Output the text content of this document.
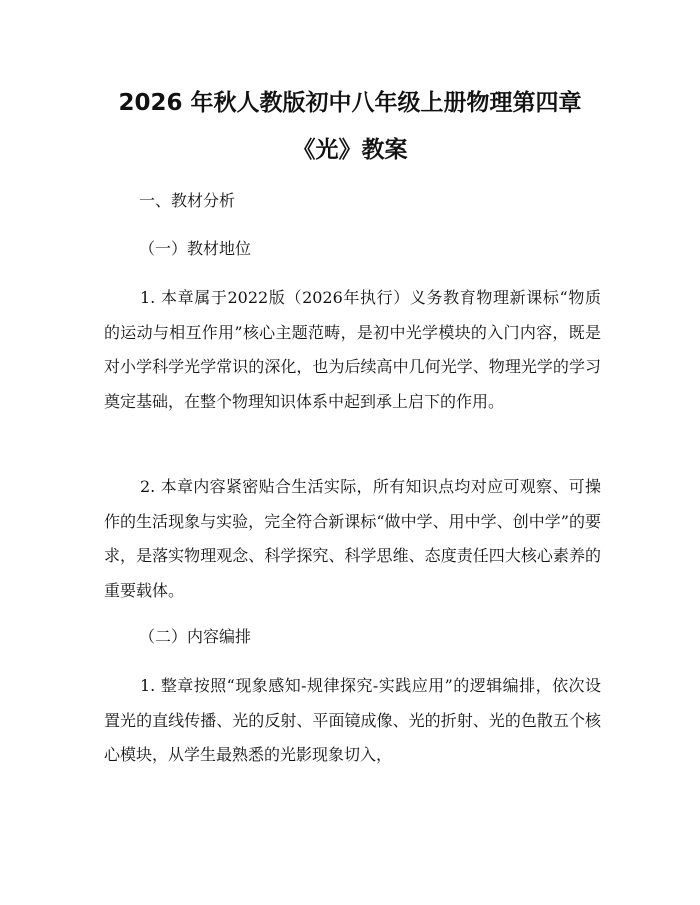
2026 年秋人教版初中八年级上册物理第四章
《光》教案
一、教材分析
（一）教材地位

1. 本章属于2022版（2026年执行）义务教育物理新课标“物质的运动与相互作用”核心主题范畴，是初中光学模块的入门内容，既是对小学科学光学常识的深化，也为后续高中几何光学、物理光学的学习奠定基础，在整个物理知识体系中起到承上启下的作用。

2. 本章内容紧密贴合生活实际，所有知识点均对应可观察、可操作的生活现象与实验，完全符合新课标“做中学、用中学、创中学”的要求，是落实物理观念、科学探究、科学思维、态度责任四大核心素养的重要载体。

（二）内容编排

1. 整章按照“现象感知-规律探究-实践应用”的逻辑编排，依次设置光的直线传播、光的反射、平面镜成像、光的折射、光的色散五个核心模块，从学生最熟悉的光影现象切入，
